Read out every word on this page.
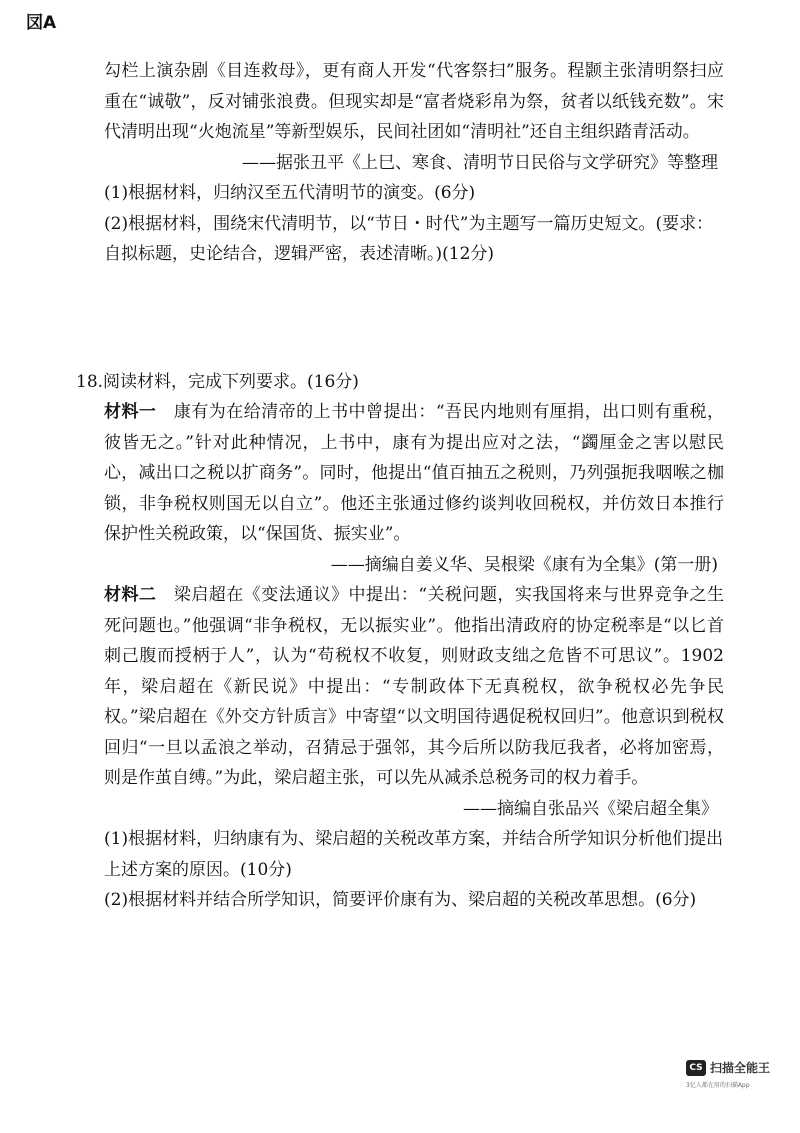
㘝A

勾栏上演杂剧《目连救母》，更有商人开发“代客祭扫”服务。程颢主张清明祭扫应重在“诚敬”，反对铺张浪费。但现实却是“富者烧彩帛为祭，贫者以纸钱充数”。宋代清明出现“火炮流星”等新型娱乐，民间社团如“清明社”还自主组织踏青活动。

——据张丑平《上巳、寒食、清明节日民俗与文学研究》等整理

(1)根据材料，归纳汉至五代清明节的演变。(6分)

(2)根据材料，围绕宋代清明节，以“节日・时代”为主题写一篇历史短文。(要求：自拟标题，史论结合，逻辑严密，表述清晰。)(12分)

18.阅读材料，完成下列要求。(16分)

材料一　 康有为在给清帝的上书中曾提出：“吾民内地则有厘捐，出口则有重税，彼皆无之。”针对此种情况，上书中，康有为提出应对之法，“蠲厘金之害以慰民心，减出口之税以扩商务”。同时，他提出“值百抽五之税则，乃列强扼我咽喉之枷锁，非争税权则国无以自立”。他还主张通过修约谈判收回税权，并仿效日本推行保护性关税政策，以“保国货、振实业”。

——摘编自姜义华、吴根梁《康有为全集》(第一册)

材料二　 梁启超在《变法通议》中提出：“关税问题，实我国将来与世界竞争之生死问题也。”他强调“非争税权，无以振实业”。他指出清政府的协定税率是“以匕首刺己腹而授柄于人”，认为“苟税权不收复，则财政支绌之危皆不可思议”。1902年，梁启超在《新民说》中提出：“专制政体下无真税权，欲争税权必先争民权。”梁启超在《外交方针质言》中寄望“以文明国待遇促税权回归”。他意识到税权回归“一旦以孟浪之举动，召猜忌于强邻，其今后所以防我厄我者，必将加密焉，则是作茧自缚。”为此，梁启超主张，可以先从减杀总税务司的权力着手。

——摘编自张品兴《梁启超全集》

(1)根据材料，归纳康有为、梁启超的关税改革方案，并结合所学知识分析他们提出上述方案的原因。(10分)

(2)根据材料并结合所学知识，简要评价康有为、梁启超的关税改革思想。(6分)

CS 扫描全能王
3亿人都在用的扫描App
